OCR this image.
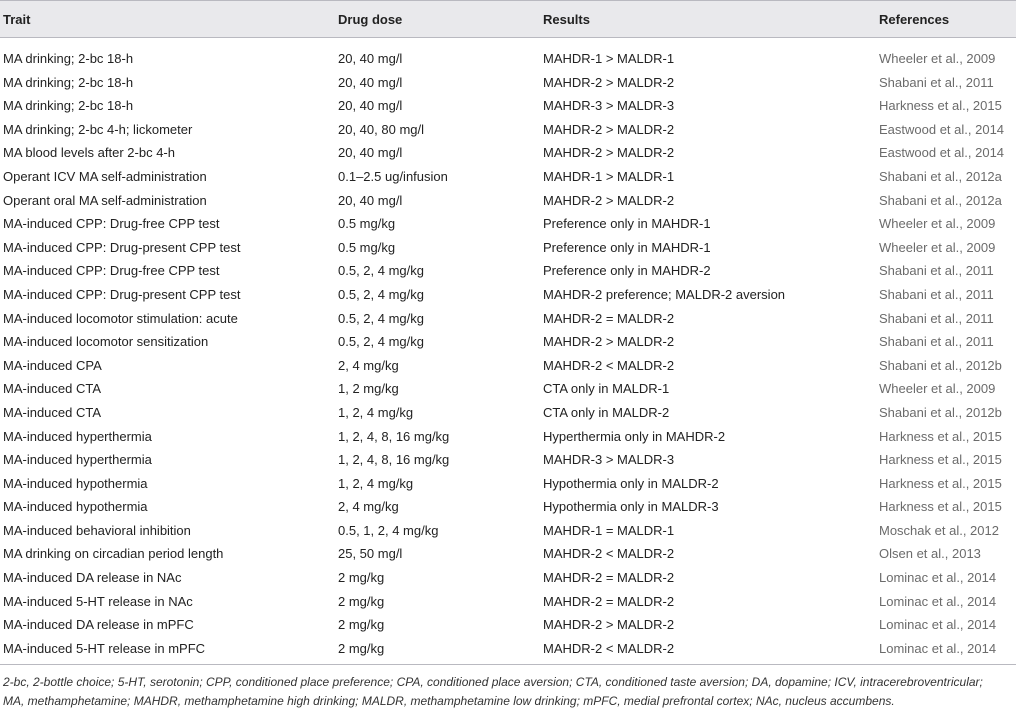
Trait	Drug dose	Results	References

MA drinking; 2-bc 18-h	20, 40 mg/l	MAHDR-1 > MALDR-1	Wheeler et al., 2009
MA drinking; 2-bc 18-h	20, 40 mg/l	MAHDR-2 > MALDR-2	Shabani et al., 2011
MA drinking; 2-bc 18-h	20, 40 mg/l	MAHDR-3 > MALDR-3	Harkness et al., 2015
MA drinking; 2-bc 4-h; lickometer	20, 40, 80 mg/l	MAHDR-2 > MALDR-2	Eastwood et al., 2014
MA blood levels after 2-bc 4-h	20, 40 mg/l	MAHDR-2 > MALDR-2	Eastwood et al., 2014
Operant ICV MA self-administration	0.1–2.5 ug/infusion	MAHDR-1 > MALDR-1	Shabani et al., 2012a
Operant oral MA self-administration	20, 40 mg/l	MAHDR-2 > MALDR-2	Shabani et al., 2012a
MA-induced CPP: Drug-free CPP test	0.5 mg/kg	Preference only in MAHDR-1	Wheeler et al., 2009
MA-induced CPP: Drug-present CPP test	0.5 mg/kg	Preference only in MAHDR-1	Wheeler et al., 2009
MA-induced CPP: Drug-free CPP test	0.5, 2, 4 mg/kg	Preference only in MAHDR-2	Shabani et al., 2011
MA-induced CPP: Drug-present CPP test	0.5, 2, 4 mg/kg	MAHDR-2 preference; MALDR-2 aversion	Shabani et al., 2011
MA-induced locomotor stimulation: acute	0.5, 2, 4 mg/kg	MAHDR-2 = MALDR-2	Shabani et al., 2011
MA-induced locomotor sensitization	0.5, 2, 4 mg/kg	MAHDR-2 > MALDR-2	Shabani et al., 2011
MA-induced CPA	2, 4 mg/kg	MAHDR-2 < MALDR-2	Shabani et al., 2012b
MA-induced CTA	1, 2 mg/kg	CTA only in MALDR-1	Wheeler et al., 2009
MA-induced CTA	1, 2, 4 mg/kg	CTA only in MALDR-2	Shabani et al., 2012b
MA-induced hyperthermia	1, 2, 4, 8, 16 mg/kg	Hyperthermia only in MAHDR-2	Harkness et al., 2015
MA-induced hyperthermia	1, 2, 4, 8, 16 mg/kg	MAHDR-3 > MALDR-3	Harkness et al., 2015
MA-induced hypothermia	1, 2, 4 mg/kg	Hypothermia only in MALDR-2	Harkness et al., 2015
MA-induced hypothermia	2, 4 mg/kg	Hypothermia only in MALDR-3	Harkness et al., 2015
MA-induced behavioral inhibition	0.5, 1, 2, 4 mg/kg	MAHDR-1 = MALDR-1	Moschak et al., 2012
MA drinking on circadian period length	25, 50 mg/l	MAHDR-2 < MALDR-2	Olsen et al., 2013
MA-induced DA release in NAc	2 mg/kg	MAHDR-2 = MALDR-2	Lominac et al., 2014
MA-induced 5-HT release in NAc	2 mg/kg	MAHDR-2 = MALDR-2	Lominac et al., 2014
MA-induced DA release in mPFC	2 mg/kg	MAHDR-2 > MALDR-2	Lominac et al., 2014
MA-induced 5-HT release in mPFC	2 mg/kg	MAHDR-2 < MALDR-2	Lominac et al., 2014
2-bc, 2-bottle choice; 5-HT, serotonin; CPP, conditioned place preference; CPA, conditioned place aversion; CTA, conditioned taste aversion; DA, dopamine; ICV, intracerebroventricular;
MA, methamphetamine; MAHDR, methamphetamine high drinking; MALDR, methamphetamine low drinking; mPFC, medial prefrontal cortex; NAc, nucleus accumbens.
